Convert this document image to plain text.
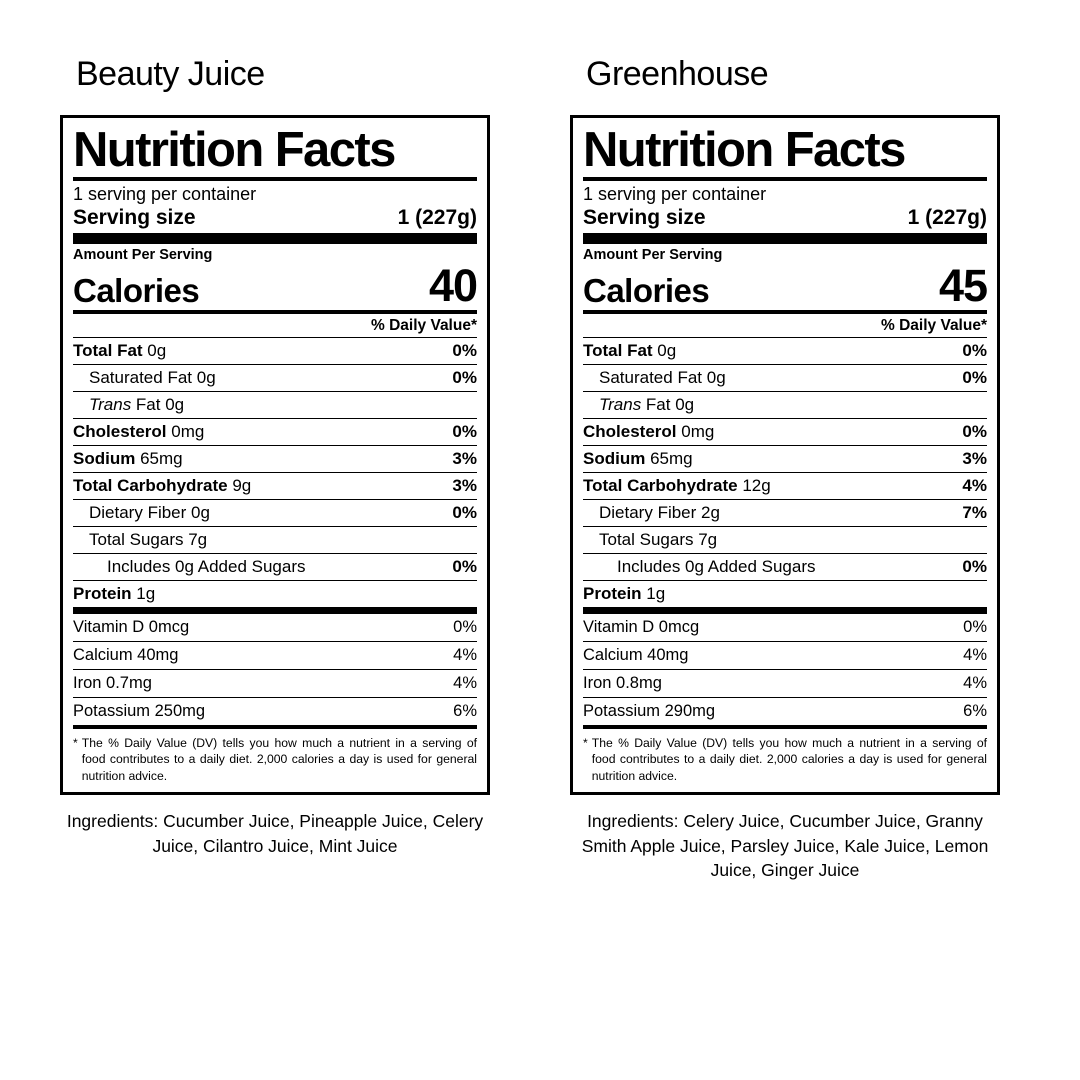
Beauty Juice
Nutrition Facts
1 serving per container
Serving size	1 (227g)
Amount Per Serving
Calories	40
% Daily Value*
Total Fat 0g	0%
Saturated Fat 0g	0%
Trans Fat 0g
Cholesterol 0mg	0%
Sodium 65mg	3%
Total Carbohydrate 9g	3%
Dietary Fiber 0g	0%
Total Sugars 7g
Includes 0g Added Sugars	0%
Protein 1g
Vitamin D 0mcg	0%
Calcium 40mg	4%
Iron 0.7mg	4%
Potassium 250mg	6%
* The % Daily Value (DV) tells you how much a nutrient in a serving of food contributes to a daily diet. 2,000 calories a day is used for general nutrition advice.
Ingredients: Cucumber Juice, Pineapple Juice, Celery Juice, Cilantro Juice, Mint Juice
Greenhouse
Nutrition Facts
1 serving per container
Serving size	1 (227g)
Amount Per Serving
Calories	45
% Daily Value*
Total Fat 0g	0%
Saturated Fat 0g	0%
Trans Fat 0g
Cholesterol 0mg	0%
Sodium 65mg	3%
Total Carbohydrate 12g	4%
Dietary Fiber 2g	7%
Total Sugars 7g
Includes 0g Added Sugars	0%
Protein 1g
Vitamin D 0mcg	0%
Calcium 40mg	4%
Iron 0.8mg	4%
Potassium 290mg	6%
* The % Daily Value (DV) tells you how much a nutrient in a serving of food contributes to a daily diet. 2,000 calories a day is used for general nutrition advice.
Ingredients: Celery Juice, Cucumber Juice, Granny Smith Apple Juice, Parsley Juice, Kale Juice, Lemon Juice, Ginger Juice
